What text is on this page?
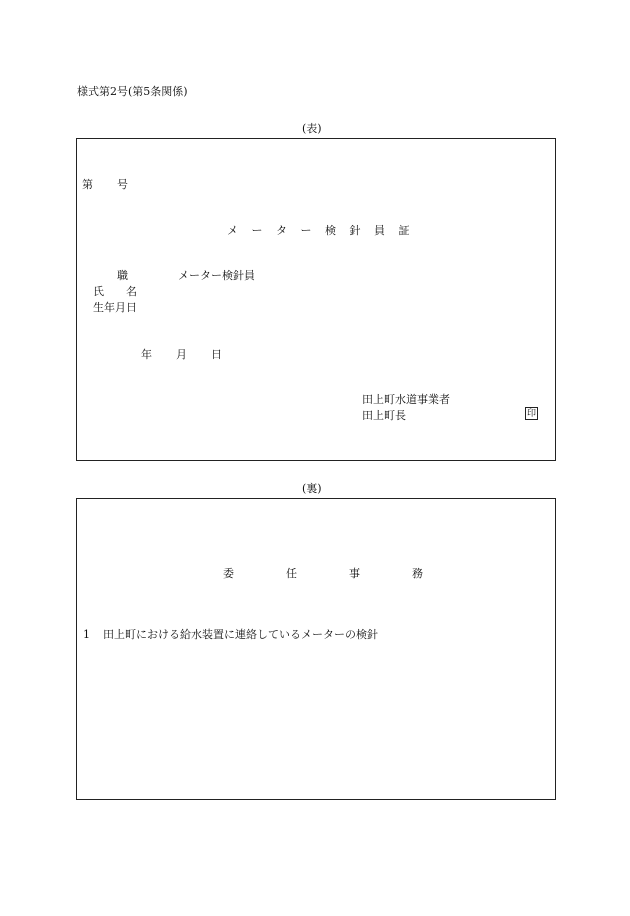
様式第2号(第5条関係)
(表)
第号
メーター検針員証
職	メーター検針員
氏名
生年月日
年 月 日
田上町水道事業者
田上町長	印
(裏)
委任事務
1 田上町における給水装置に連絡しているメーターの検針
